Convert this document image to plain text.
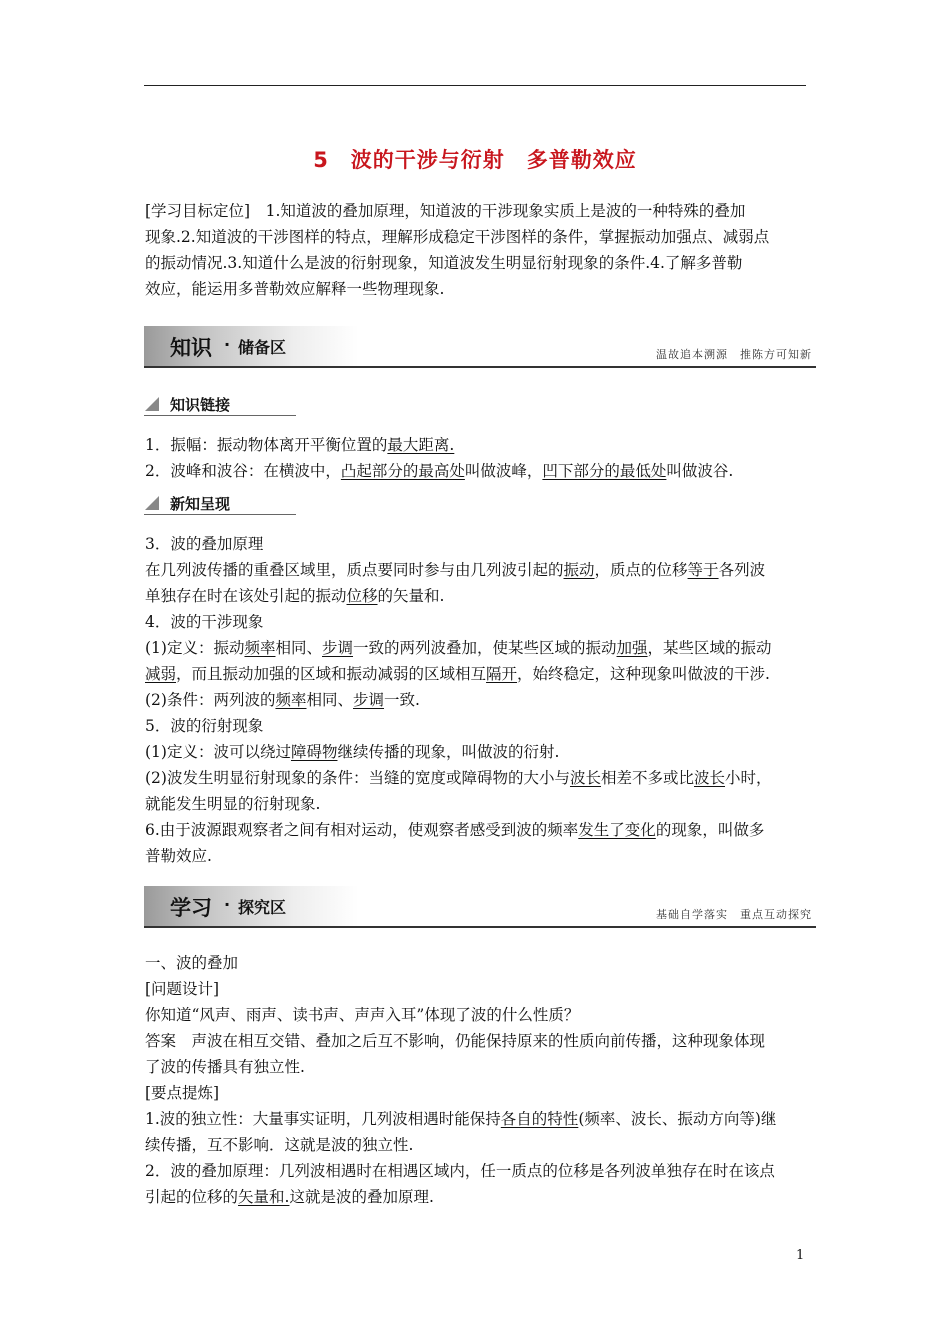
5　波的干涉与衍射　多普勒效应

[学习目标定位]　1.知道波的叠加原理，知道波的干涉现象实质上是波的一种特殊的叠加

现象.2.知道波的干涉图样的特点，理解形成稳定干涉图样的条件，掌握振动加强点、减弱点

的振动情况.3.知道什么是波的衍射现象，知道波发生明显衍射现象的条件.4.了解多普勒

效应，能运用多普勒效应解释一些物理现象.

知识 · 储备区	温故追本溯源　推陈方可知新
知识链接

1．振幅：振动物体离开平衡位置的最大距离.

2．波峰和波谷：在横波中，凸起部分的最高处叫做波峰，凹下部分的最低处叫做波谷.

新知呈现

3．波的叠加原理

在几列波传播的重叠区域里，质点要同时参与由几列波引起的振动，质点的位移等于各列波

单独存在时在该处引起的振动位移的矢量和.

4．波的干涉现象

(1)定义：振动频率相同、步调一致的两列波叠加，使某些区域的振动加强，某些区域的振动

减弱，而且振动加强的区域和振动减弱的区域相互隔开，始终稳定，这种现象叫做波的干涉.

(2)条件：两列波的频率相同、步调一致.

5．波的衍射现象

(1)定义：波可以绕过障碍物继续传播的现象，叫做波的衍射.

(2)波发生明显衍射现象的条件：当缝的宽度或障碍物的大小与波长相差不多或比波长小时，

就能发生明显的衍射现象.

6.由于波源跟观察者之间有相对运动，使观察者感受到波的频率发生了变化的现象，叫做多

普勒效应.

学习 · 探究区	基础自学落实　重点互动探究

一、波的叠加

[问题设计]

你知道“风声、雨声、读书声、声声入耳”体现了波的什么性质？

答案　声波在相互交错、叠加之后互不影响，仍能保持原来的性质向前传播，这种现象体现

了波的传播具有独立性.

[要点提炼]

1.波的独立性：大量事实证明，几列波相遇时能保持各自的特性(频率、波长、振动方向等)继

续传播，互不影响．这就是波的独立性.

2．波的叠加原理：几列波相遇时在相遇区域内，任一质点的位移是各列波单独存在时在该点

引起的位移的矢量和.这就是波的叠加原理.

1
